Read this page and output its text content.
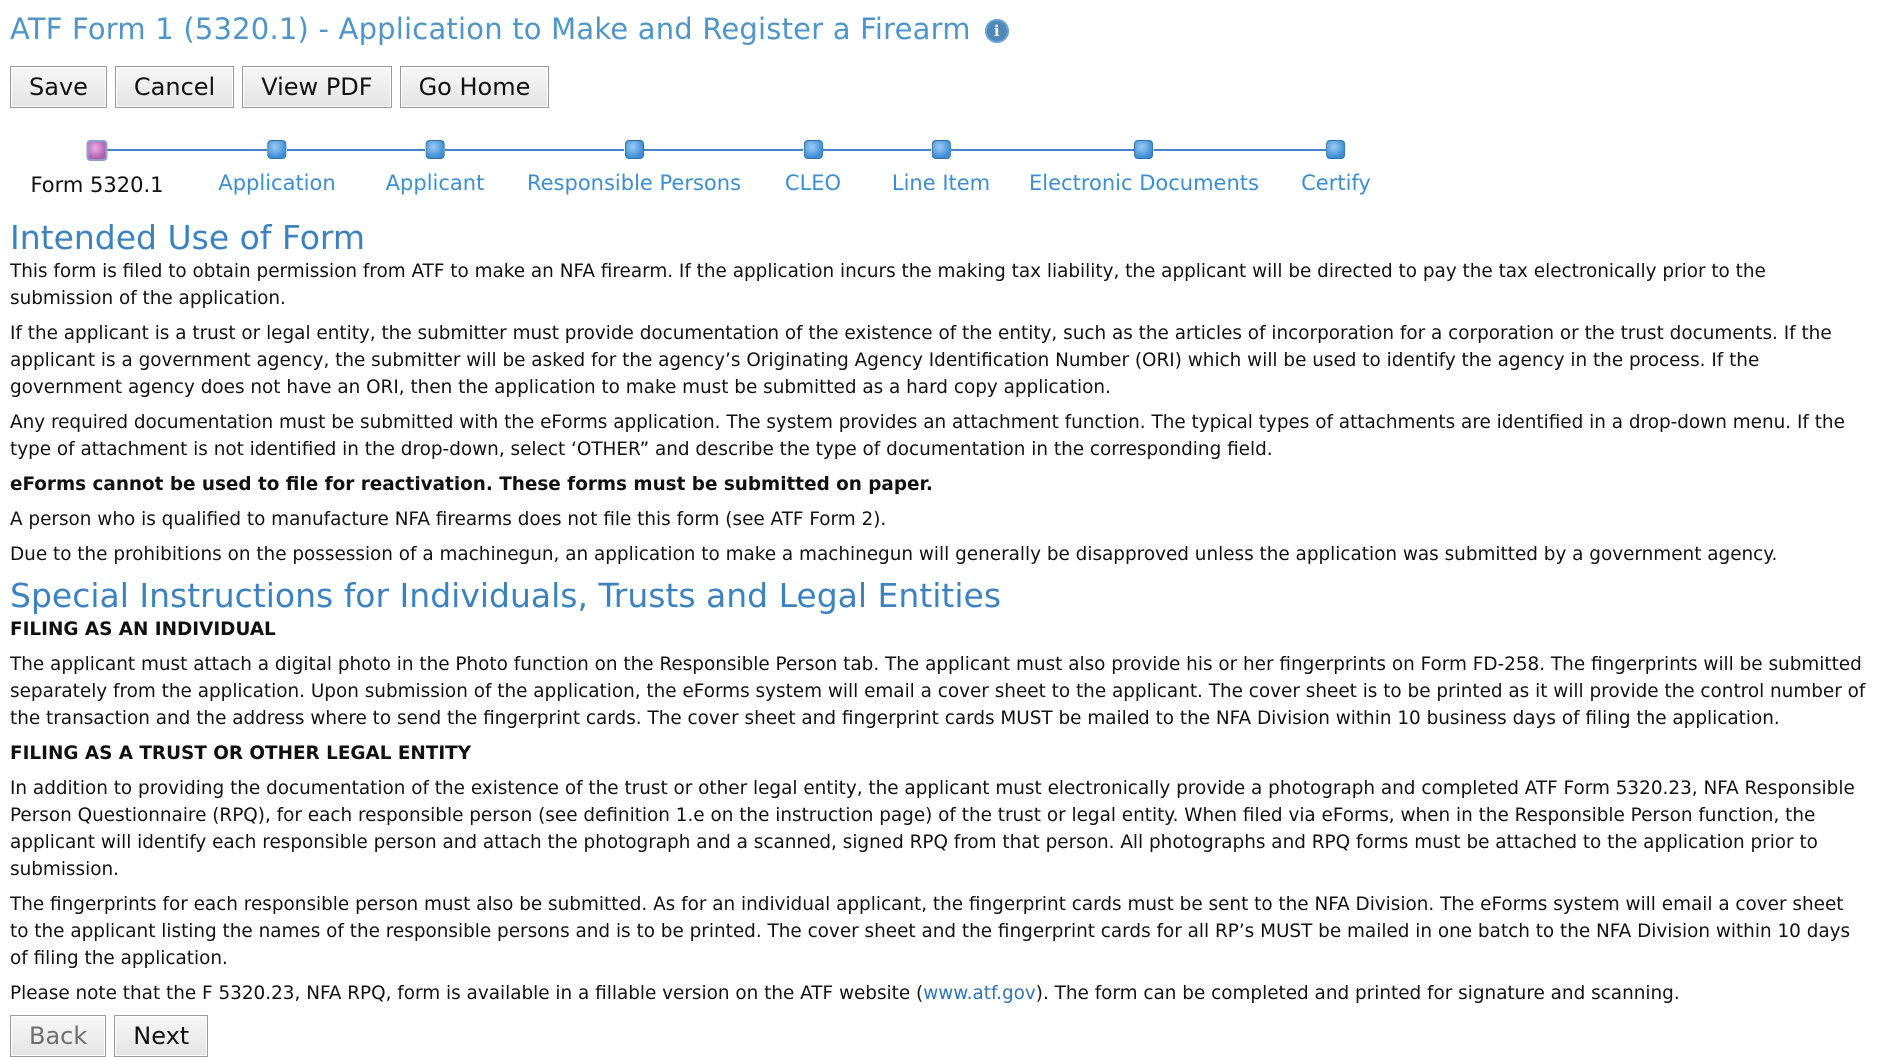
ATF Form 1 (5320.1) - Application to Make and Register a Firearm	i
Save	Cancel	View PDF	Go Home
Form 5320.1	Application Applicant Responsible Persons CLEO Line Item Electronic Documents Certify
Intended Use of Form

This form is filed to obtain permission from ATF to make an NFA firearm. If the application incurs the making tax liability, the applicant will be directed to pay the tax electronically prior to the submission of the application.

If the applicant is a trust or legal entity, the submitter must provide documentation of the existence of the entity, such as the articles of incorporation for a corporation or the trust documents. If the applicant is a government agency, the submitter will be asked for the agency’s Originating Agency Identification Number (ORI) which will be used to identify the agency in the process. If the government agency does not have an ORI, then the application to make must be submitted as a hard copy application.

Any required documentation must be submitted with the eForms application. The system provides an attachment function. The typical types of attachments are identified in a drop-down menu. If the type of attachment is not identified in the drop-down, select ‘OTHER” and describe the type of documentation in the corresponding field.

eForms cannot be used to file for reactivation. These forms must be submitted on paper.

A person who is qualified to manufacture NFA firearms does not file this form (see ATF Form 2).

Due to the prohibitions on the possession of a machinegun, an application to make a machinegun will generally be disapproved unless the application was submitted by a government agency.

Special Instructions for Individuals, Trusts and Legal Entities

FILING AS AN INDIVIDUAL

The applicant must attach a digital photo in the Photo function on the Responsible Person tab. The applicant must also provide his or her fingerprints on Form FD-258. The fingerprints will be submitted separately from the application. Upon submission of the application, the eForms system will email a cover sheet to the applicant. The cover sheet is to be printed as it will provide the control number of the transaction and the address where to send the fingerprint cards. The cover sheet and fingerprint cards MUST be mailed to the NFA Division within 10 business days of filing the application.

FILING AS A TRUST OR OTHER LEGAL ENTITY

In addition to providing the documentation of the existence of the trust or other legal entity, the applicant must electronically provide a photograph and completed ATF Form 5320.23, NFA Responsible Person Questionnaire (RPQ), for each responsible person (see definition 1.e on the instruction page) of the trust or legal entity. When filed via eForms, when in the Responsible Person function, the applicant will identify each responsible person and attach the photograph and a scanned, signed RPQ from that person. All photographs and RPQ forms must be attached to the application prior to submission.

The fingerprints for each responsible person must also be submitted. As for an individual applicant, the fingerprint cards must be sent to the NFA Division. The eForms system will email a cover sheet to the applicant listing the names of the responsible persons and is to be printed. The cover sheet and the fingerprint cards for all RP’s MUST be mailed in one batch to the NFA Division within 10 days of filing the application.

Please note that the F 5320.23, NFA RPQ, form is available in a fillable version on the ATF website (www.atf.gov). The form can be completed and printed for signature and scanning.

Back	Next
